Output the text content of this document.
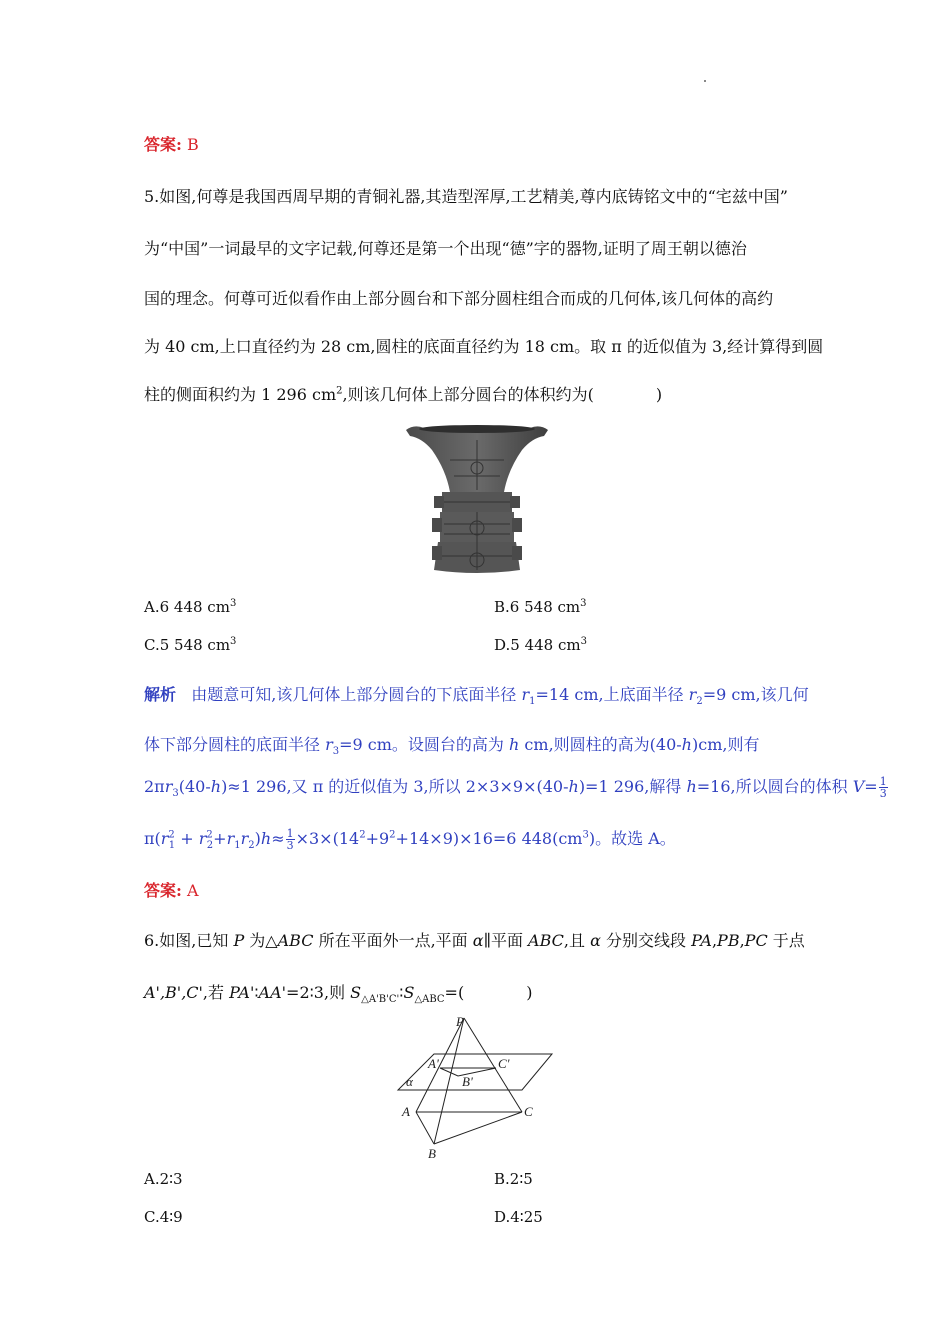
答案: B
5.如图,何尊是我国西周早期的青铜礼器,其造型浑厚,工艺精美,尊内底铸铭文中的“宅兹中国”
为“中国”一词最早的文字记载,何尊还是第一个出现“德”字的器物,证明了周王朝以德治
国的理念。何尊可近似看作由上部分圆台和下部分圆柱组合而成的几何体,该几何体的高约
为 40 cm,上口直径约为 28 cm,圆柱的底面直径约为 18 cm。取 π 的近似值为 3,经计算得到圆
柱的侧面积约为 1 296 $cm^2$,则该几何体上部分圆台的体积约为(	)
A.6 448 $cm^3$	B.6 548 $cm^3$
C.5 548 $cm^3$	D.5 448 $cm^3$
解析 由题意可知,该几何体上部分圆台的下底面半径 $r_1=14$ cm,上底面半径 $r_2=9$ cm,该几何
体下部分圆柱的底面半径 $r_3=9$ cm。设圆台的高为 h cm,则圆柱的高为(40-h)cm,则有
$2\pi r_3(40-h)\approx 1$ 296,又 π 的近似值为 3,所以 2×3×9×(40-h)=1 296,解得 h=16,所以圆台的体积 $V= \frac{1}{3}$
$\pi(r^2_1 + r^2_2+r_1r_2)h\approx \frac{1}{3} \times 3\times(14^2+9^2+14\times 9)\times 16=6$ $448(cm^3)$。故选 A。
答案: A
6.如图,已知 P 为△ABC 所在平面外一点,平面 α∥平面 ABC,且 α 分别交线段 PA,PB,PC 于点
A',B',C',若 PA'∶AA'=2∶3,则 $S_{\triangle A'B'C'}∶S_{\triangle ABC}=$(	)
P
A'
B'
C'
α
A
B
C
A.2∶3	B.2∶5
C.4∶9	D.4∶25
